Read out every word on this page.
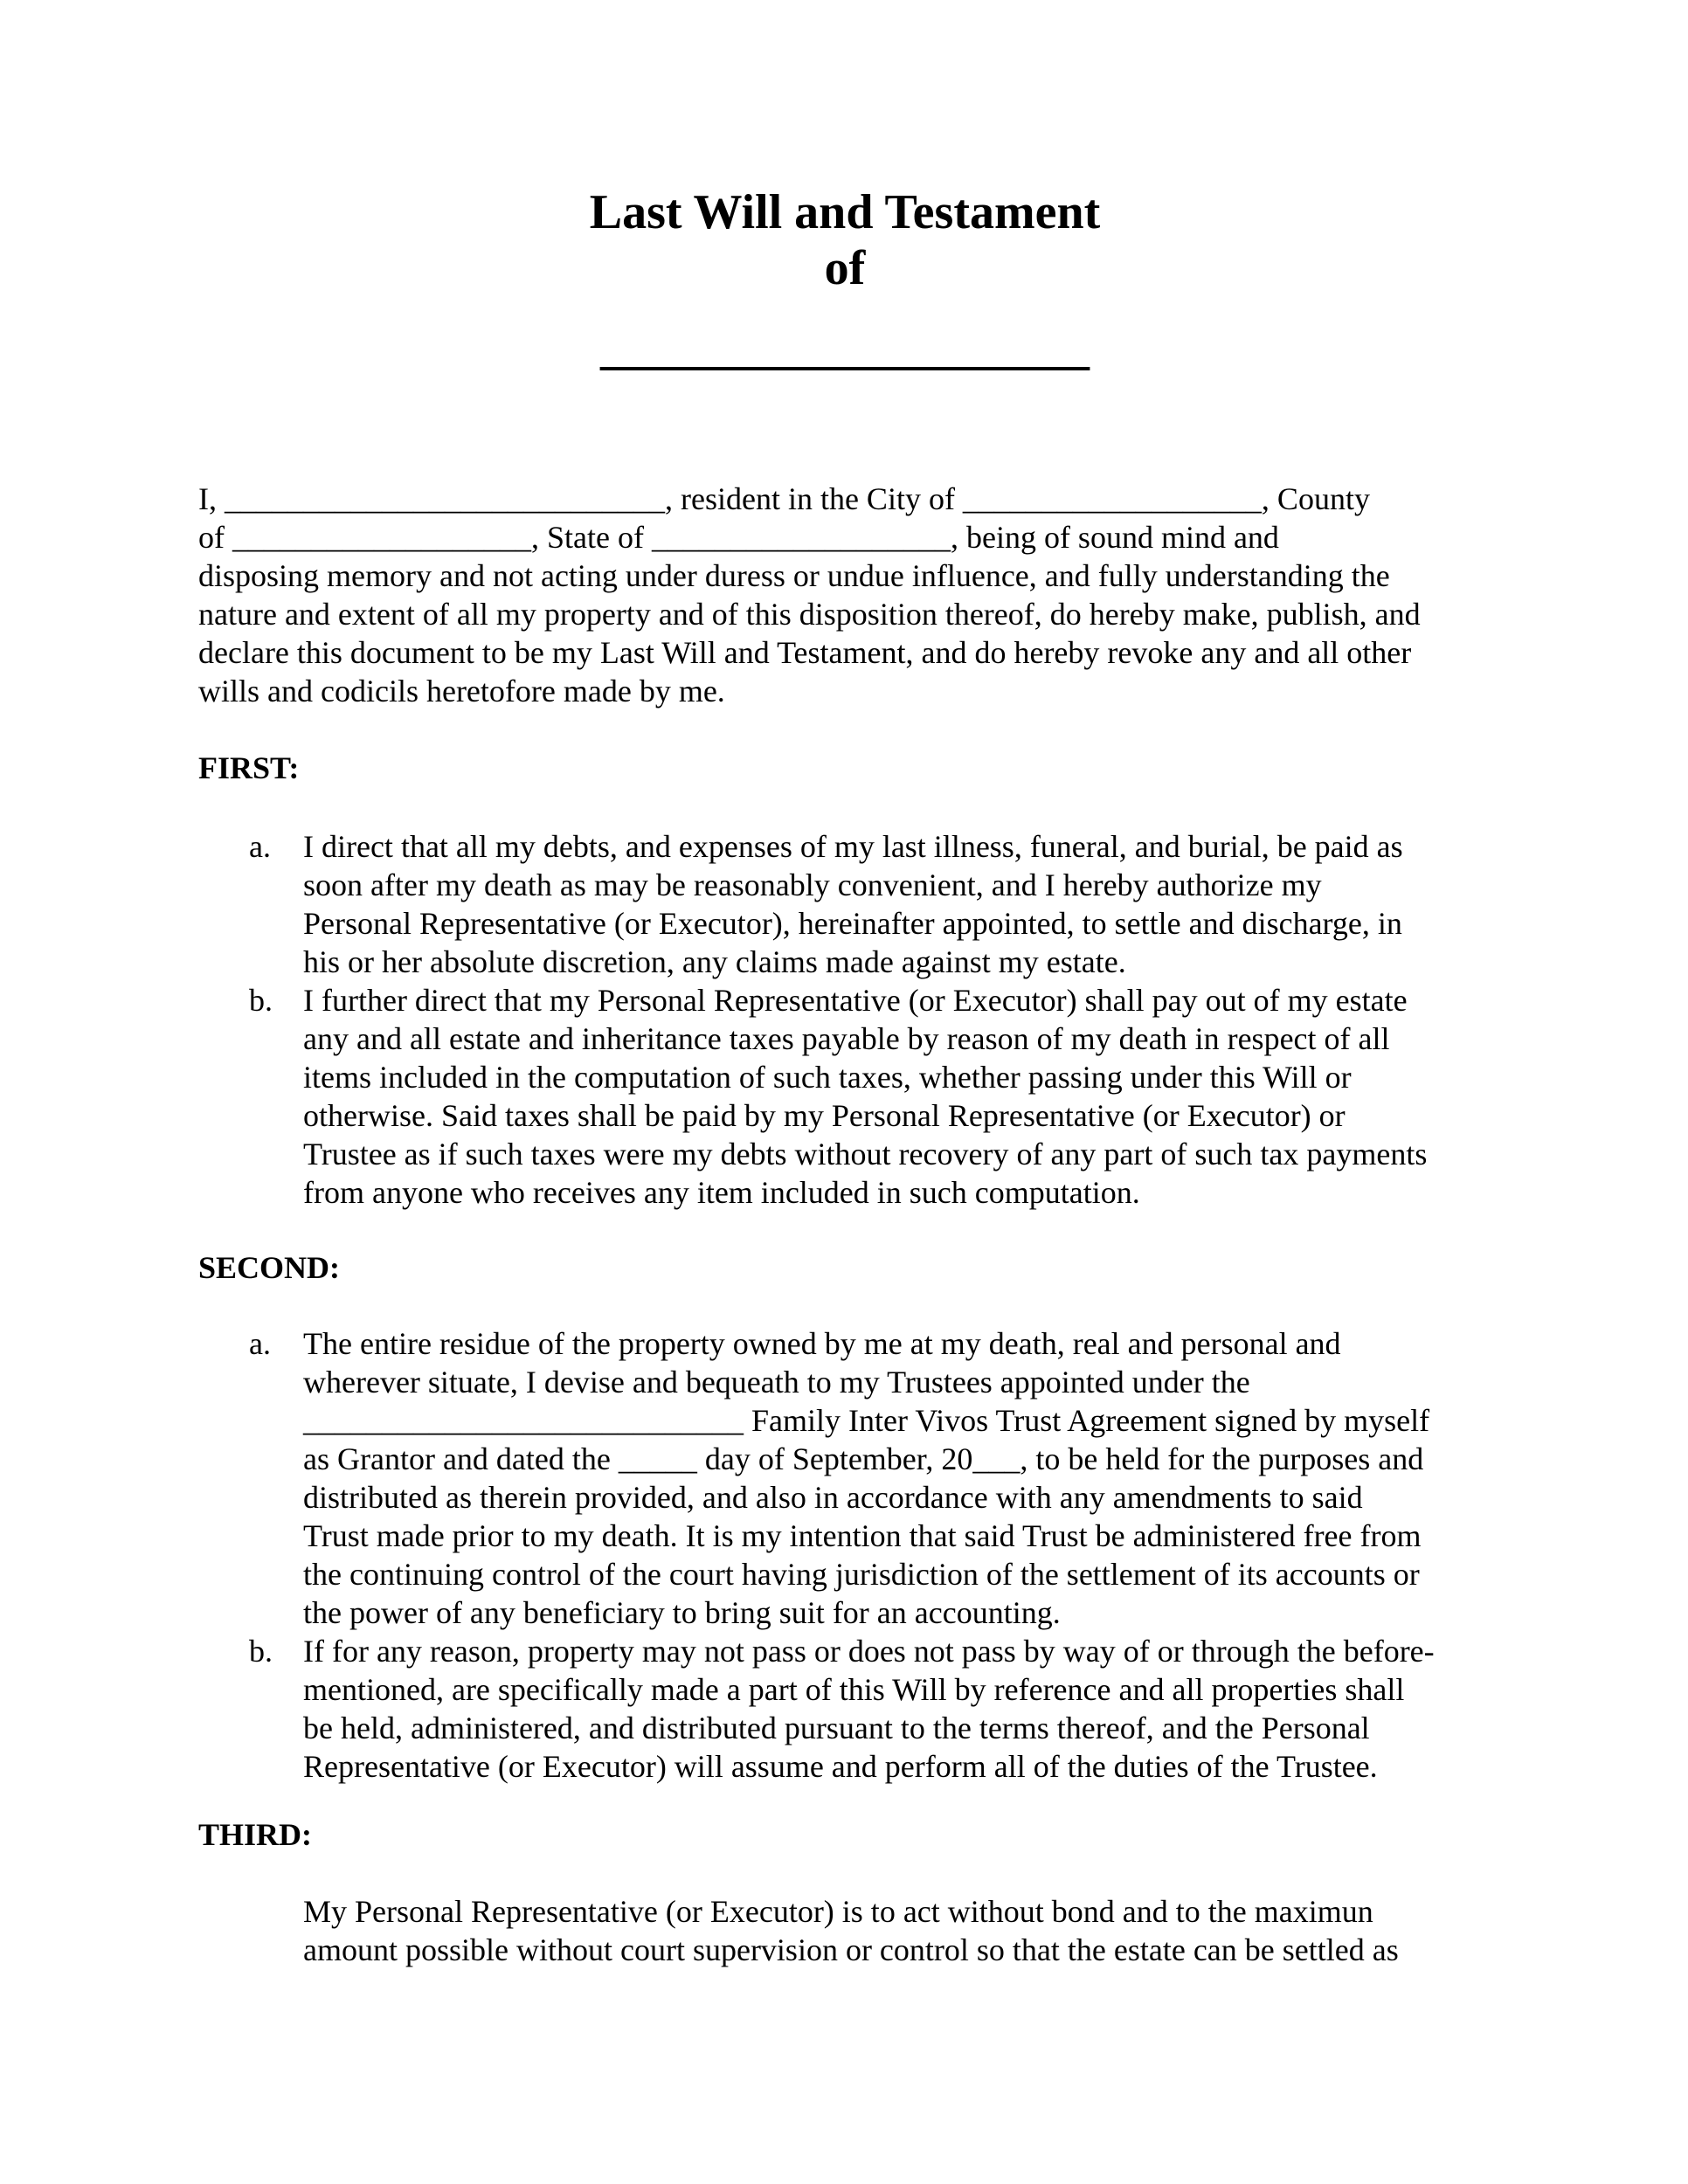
Last Will and Testament
of
____________________
I, ____________________________, resident in the City of ___________________, County
of ___________________, State of ___________________, being of sound mind and
disposing memory and not acting under duress or undue influence, and fully understanding the
nature and extent of all my property and of this disposition thereof, do hereby make, publish, and
declare this document to be my Last Will and Testament, and do hereby revoke any and all other
wills and codicils heretofore made by me.
FIRST:
a. I direct that all my debts, and expenses of my last illness, funeral, and burial, be paid as
soon after my death as may be reasonably convenient, and I hereby authorize my
Personal Representative (or Executor), hereinafter appointed, to settle and discharge, in
his or her absolute discretion, any claims made against my estate.
b. I further direct that my Personal Representative (or Executor) shall pay out of my estate
any and all estate and inheritance taxes payable by reason of my death in respect of all
items included in the computation of such taxes, whether passing under this Will or
otherwise. Said taxes shall be paid by my Personal Representative (or Executor) or
Trustee as if such taxes were my debts without recovery of any part of such tax payments
from anyone who receives any item included in such computation.
SECOND:
a. The entire residue of the property owned by me at my death, real and personal and
wherever situate, I devise and bequeath to my Trustees appointed under the
____________________________ Family Inter Vivos Trust Agreement signed by myself
as Grantor and dated the _____ day of September, 20___, to be held for the purposes and
distributed as therein provided, and also in accordance with any amendments to said
Trust made prior to my death. It is my intention that said Trust be administered free from
the continuing control of the court having jurisdiction of the settlement of its accounts or
the power of any beneficiary to bring suit for an accounting.
b. If for any reason, property may not pass or does not pass by way of or through the before-
mentioned, are specifically made a part of this Will by reference and all properties shall
be held, administered, and distributed pursuant to the terms thereof, and the Personal
Representative (or Executor) will assume and perform all of the duties of the Trustee.
THIRD:
My Personal Representative (or Executor) is to act without bond and to the maximun
amount possible without court supervision or control so that the estate can be settled as
